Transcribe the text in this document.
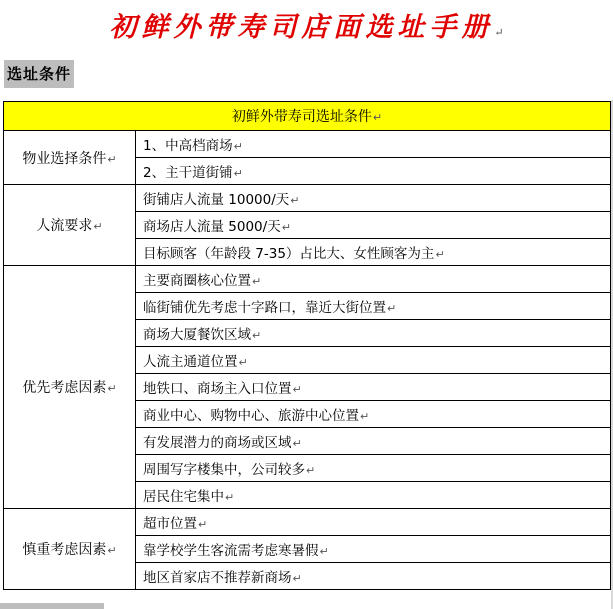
初鲜外带寿司店面选址手册↵
选址条件
初鲜外带寿司选址条件↵	
物业选择条件↵	1、中高档商场↵
	2、主干道街铺↵
人流要求↵	街铺店人流量 10000/天↵
	商场店人流量 5000/天↵
	目标顾客（年龄段 7-35）占比大、女性顾客为主↵
优先考虑因素↵	主要商圈核心位置↵
	临街铺优先考虑十字路口，靠近大街位置↵
	商场大厦餐饮区域↵
	人流主通道位置↵
	地铁口、商场主入口位置↵
	商业中心、购物中心、旅游中心位置↵
	有发展潜力的商场或区域↵
	周围写字楼集中，公司较多↵
	居民住宅集中↵
慎重考虑因素↵	超市位置↵
	靠学校学生客流需考虑寒暑假↵
	地区首家店不推荐新商场↵
